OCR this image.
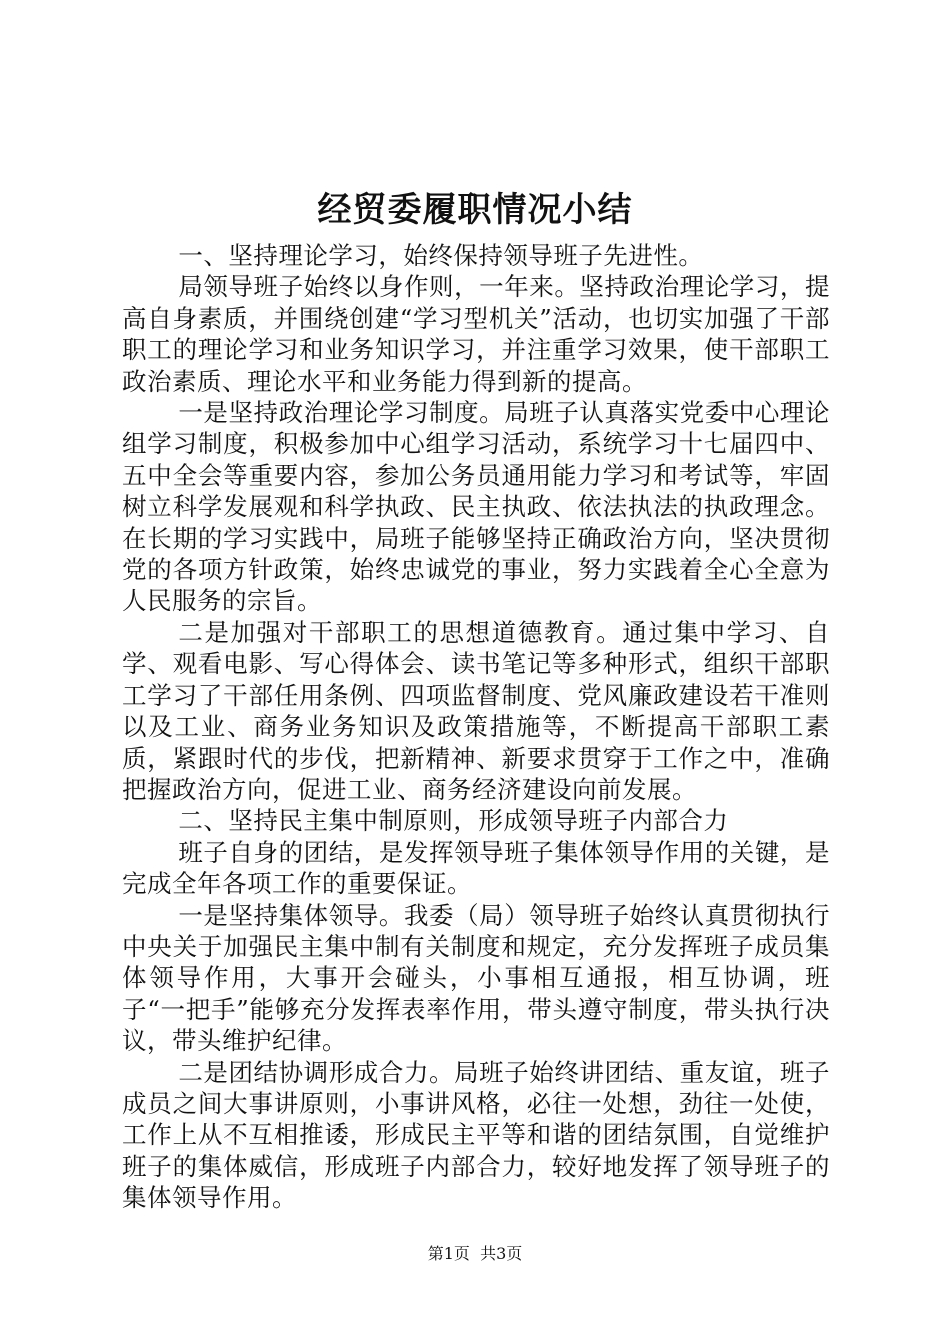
经贸委履职情况小结

一、坚持理论学习，始终保持领导班子先进性。

局领导班子始终以身作则，一年来。坚持政治理论学习，提高自身素质，并围绕创建“学习型机关”活动，也切实加强了干部职工的理论学习和业务知识学习，并注重学习效果，使干部职工政治素质、理论水平和业务能力得到新的提高。

一是坚持政治理论学习制度。局班子认真落实党委中心理论组学习制度，积极参加中心组学习活动，系统学习十七届四中、五中全会等重要内容，参加公务员通用能力学习和考试等，牢固树立科学发展观和科学执政、民主执政、依法执法的执政理念。在长期的学习实践中，局班子能够坚持正确政治方向，坚决贯彻党的各项方针政策，始终忠诚党的事业，努力实践着全心全意为人民服务的宗旨。

二是加强对干部职工的思想道德教育。通过集中学习、自学、观看电影、写心得体会、读书笔记等多种形式，组织干部职工学习了干部任用条例、四项监督制度、党风廉政建设若干准则以及工业、商务业务知识及政策措施等，不断提高干部职工素质，紧跟时代的步伐，把新精神、新要求贯穿于工作之中，准确把握政治方向，促进工业、商务经济建设向前发展。

二、坚持民主集中制原则，形成领导班子内部合力

班子自身的团结，是发挥领导班子集体领导作用的关键，是完成全年各项工作的重要保证。

一是坚持集体领导。我委（局）领导班子始终认真贯彻执行中央关于加强民主集中制有关制度和规定，充分发挥班子成员集体领导作用，大事开会碰头，小事相互通报，相互协调，班子“一把手”能够充分发挥表率作用，带头遵守制度，带头执行决议，带头维护纪律。

二是团结协调形成合力。局班子始终讲团结、重友谊，班子成员之间大事讲原则，小事讲风格，必往一处想，劲往一处使，工作上从不互相推诿，形成民主平等和谐的团结氛围，自觉维护班子的集体威信，形成班子内部合力，较好地发挥了领导班子的集体领导作用。

第1页  共3页
